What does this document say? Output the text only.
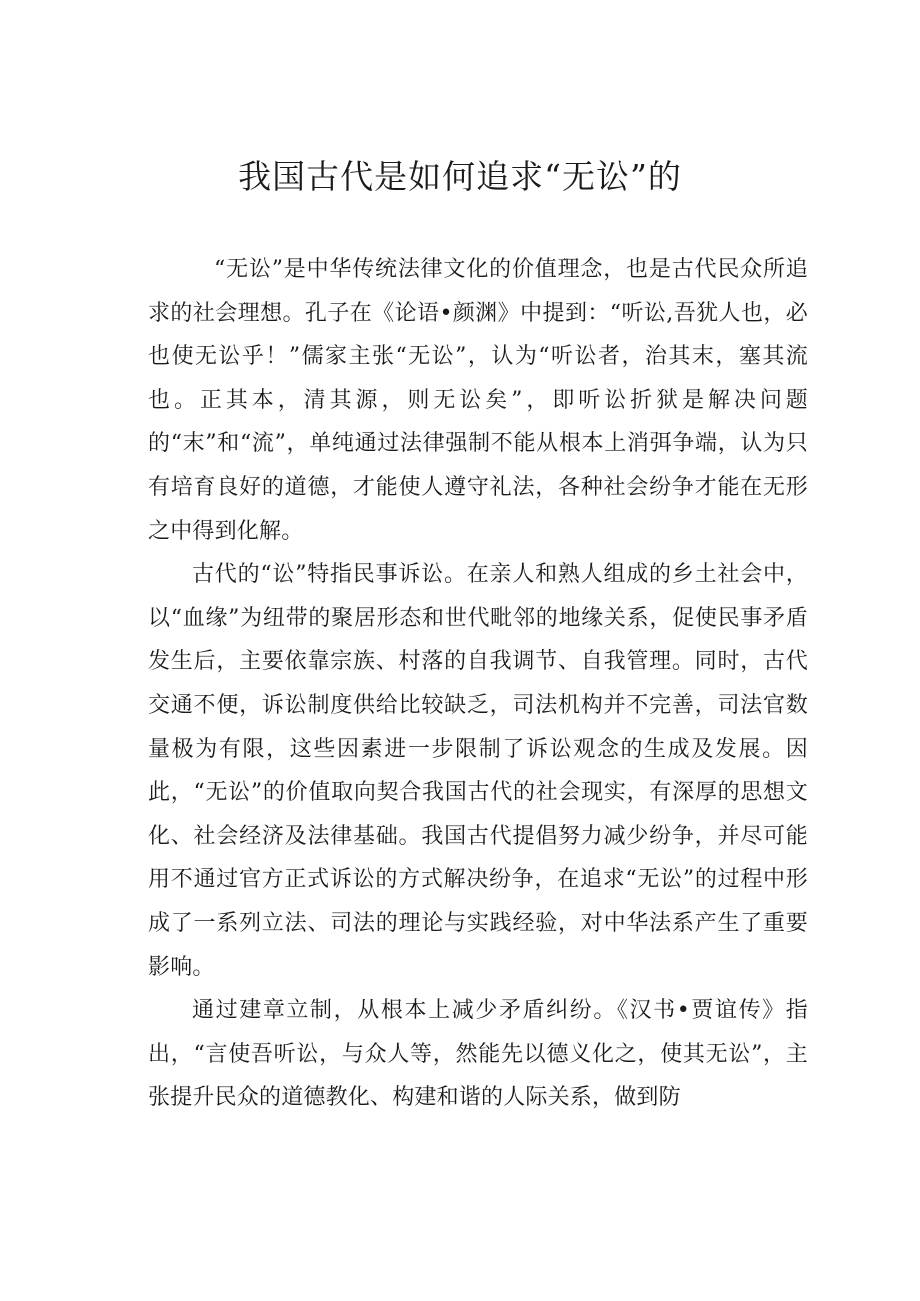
我国古代是如何追求“无讼”的

“无讼”是中华传统法律文化的价值理念，也是古代民众所追求的社会理想。孔子在《论语•颜渊》中提到：“听讼,吾犹人也，必也使无讼乎！”儒家主张“无讼”，认为“听讼者，治其末，塞其流也。正其本，清其源，则无讼矣”，即听讼折狱是解决问题的“末”和“流”，单纯通过法律强制不能从根本上消弭争端，认为只有培育良好的道德，才能使人遵守礼法，各种社会纷争才能在无形之中得到化解。

古代的“讼”特指民事诉讼。在亲人和熟人组成的乡土社会中，以“血缘”为纽带的聚居形态和世代毗邻的地缘关系，促使民事矛盾发生后，主要依靠宗族、村落的自我调节、自我管理。同时，古代交通不便，诉讼制度供给比较缺乏，司法机构并不完善，司法官数量极为有限，这些因素进一步限制了诉讼观念的生成及发展。因此，“无讼”的价值取向契合我国古代的社会现实，有深厚的思想文化、社会经济及法律基础。我国古代提倡努力减少纷争，并尽可能用不通过官方正式诉讼的方式解决纷争，在追求“无讼”的过程中形成了一系列立法、司法的理论与实践经验，对中华法系产生了重要影响。

通过建章立制，从根本上减少矛盾纠纷。《汉书•贾谊传》指出，“言使吾听讼，与众人等，然能先以德义化之，使其无讼”，主张提升民众的道德教化、构建和谐的人际关系，做到防
